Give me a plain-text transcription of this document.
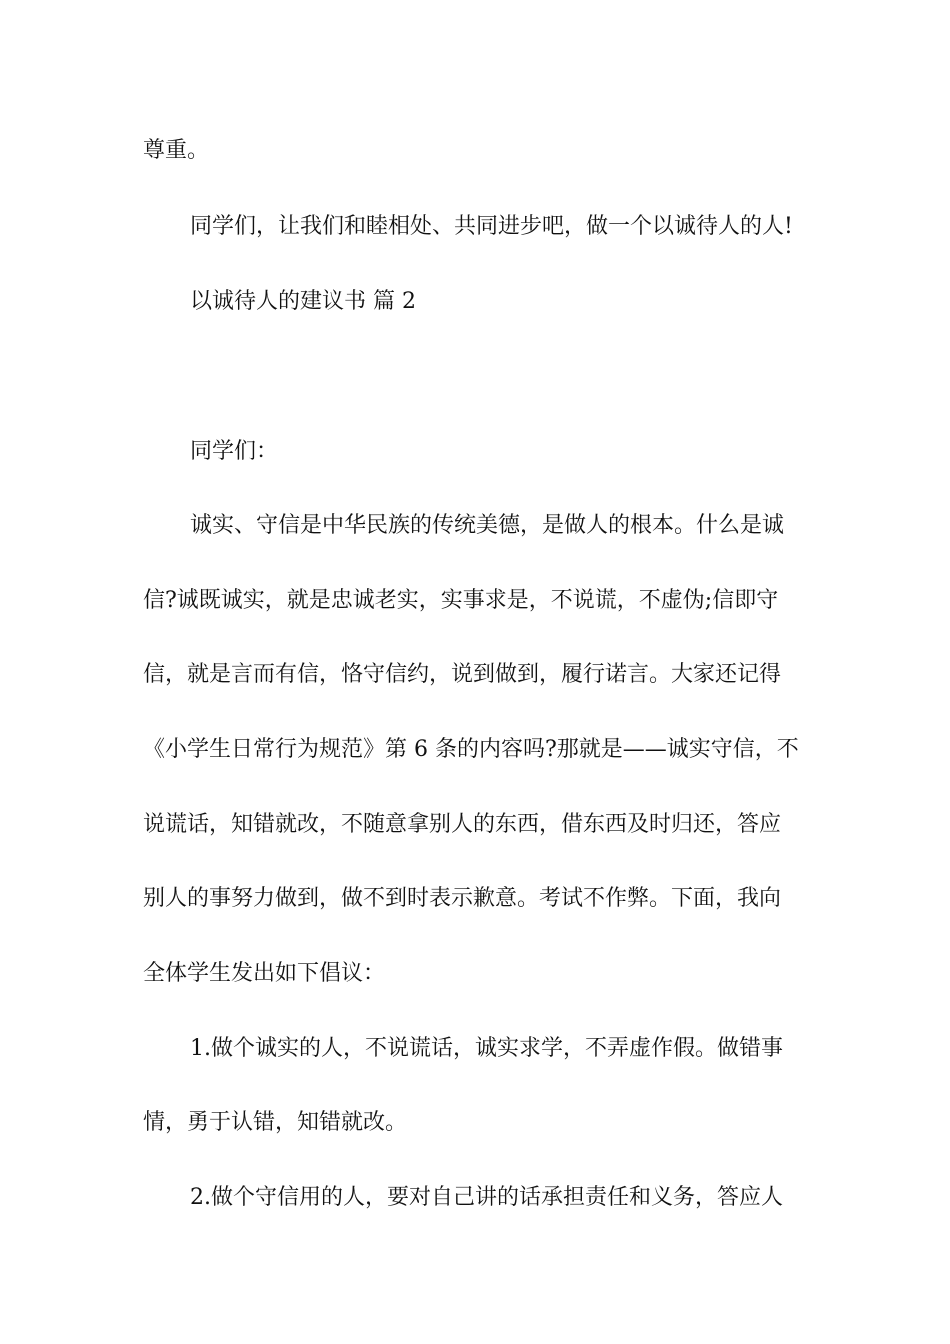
尊重。

同学们，让我们和睦相处、共同进步吧，做一个以诚待人的人!

以诚待人的建议书 篇 2

同学们：

诚实、守信是中华民族的传统美德，是做人的根本。什么是诚

信?诚既诚实，就是忠诚老实，实事求是，不说谎，不虚伪;信即守

信，就是言而有信，恪守信约，说到做到，履行诺言。大家还记得

《小学生日常行为规范》第 6 条的内容吗?那就是——诚实守信，不

说谎话，知错就改，不随意拿别人的东西，借东西及时归还，答应

别人的事努力做到，做不到时表示歉意。考试不作弊。下面，我向

全体学生发出如下倡议：

1.做个诚实的人，不说谎话，诚实求学，不弄虚作假。做错事

情，勇于认错，知错就改。

2.做个守信用的人，要对自己讲的话承担责任和义务，答应人
